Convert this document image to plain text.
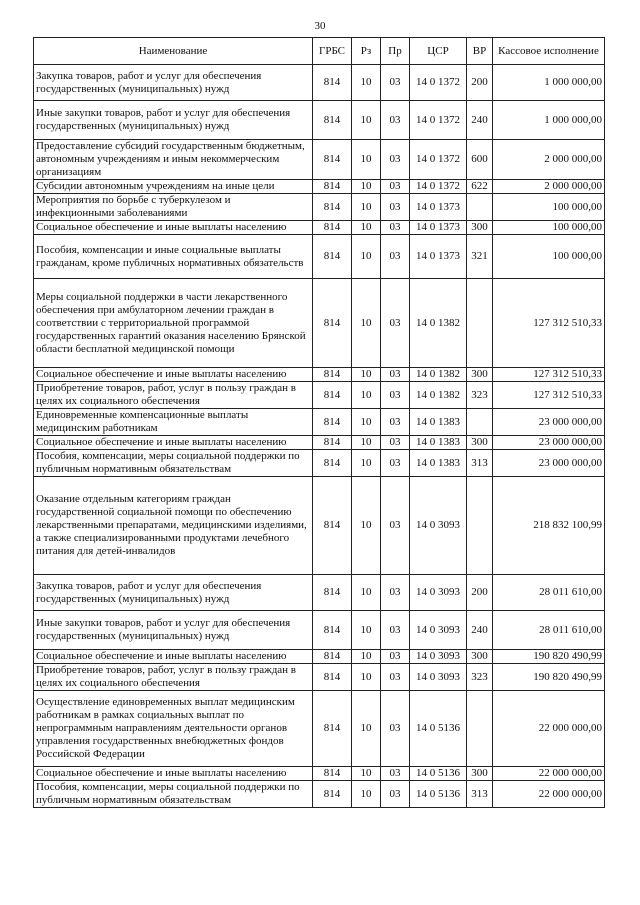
30
Наименование	ГРБС	Рз	Пр	ЦСР	ВР	Кассовое исполнение
Закупка товаров, работ и услуг для обеспечения государственных (муниципальных) нужд	814	10	03	14 0 1372	200	1 000 000,00
Иные закупки товаров, работ и услуг для обеспечения государственных (муниципальных) нужд	814	10	03	14 0 1372	240	1 000 000,00
Предоставление субсидий государственным бюджетным, автономным учреждениям и иным некоммерческим организациям	814	10	03	14 0 1372	600	2 000 000,00
Субсидии автономным учреждениям на иные цели	814	10	03	14 0 1372	622	2 000 000,00
Мероприятия по борьбе с туберкулезом и инфекционными заболеваниями	814	10	03	14 0 1373		100 000,00
Социальное обеспечение и иные выплаты населению	814	10	03	14 0 1373	300	100 000,00
Пособия, компенсации и иные социальные выплаты гражданам, кроме публичных нормативных обязательств	814	10	03	14 0 1373	321	100 000,00
Меры социальной поддержки в части лекарственного обеспечения при амбулаторном лечении граждан в соответствии с территориальной программой государственных гарантий оказания населению Брянской области бесплатной медицинской помощи	814	10	03	14 0 1382		127 312 510,33
Социальное обеспечение и иные выплаты населению	814	10	03	14 0 1382	300	127 312 510,33
Приобретение товаров, работ, услуг в пользу граждан в целях их социального обеспечения	814	10	03	14 0 1382	323	127 312 510,33
Единовременные компенсационные выплаты медицинским работникам	814	10	03	14 0 1383		23 000 000,00
Социальное обеспечение и иные выплаты населению	814	10	03	14 0 1383	300	23 000 000,00
Пособия, компенсации, меры социальной поддержки по публичным нормативным обязательствам	814	10	03	14 0 1383	313	23 000 000,00
Оказание отдельным категориям граждан государственной социальной помощи по обеспечению лекарственными препаратами, медицинскими изделиями, а также специализированными продуктами лечебного питания для детей-инвалидов	814	10	03	14 0 3093		218 832 100,99
Закупка товаров, работ и услуг для обеспечения государственных (муниципальных) нужд	814	10	03	14 0 3093	200	28 011 610,00
Иные закупки товаров, работ и услуг для обеспечения государственных (муниципальных) нужд	814	10	03	14 0 3093	240	28 011 610,00
Социальное обеспечение и иные выплаты населению	814	10	03	14 0 3093	300	190 820 490,99
Приобретение товаров, работ, услуг в пользу граждан в целях их социального обеспечения	814	10	03	14 0 3093	323	190 820 490,99
Осуществление единовременных выплат медицинским работникам в рамках социальных выплат по непрограммным направлениям деятельности органов управления государственных внебюджетных фондов Российской Федерации	814	10	03	14 0 5136		22 000 000,00
Социальное обеспечение и иные выплаты населению	814	10	03	14 0 5136	300	22 000 000,00
Пособия, компенсации, меры социальной поддержки по публичным нормативным обязательствам	814	10	03	14 0 5136	313	22 000 000,00
